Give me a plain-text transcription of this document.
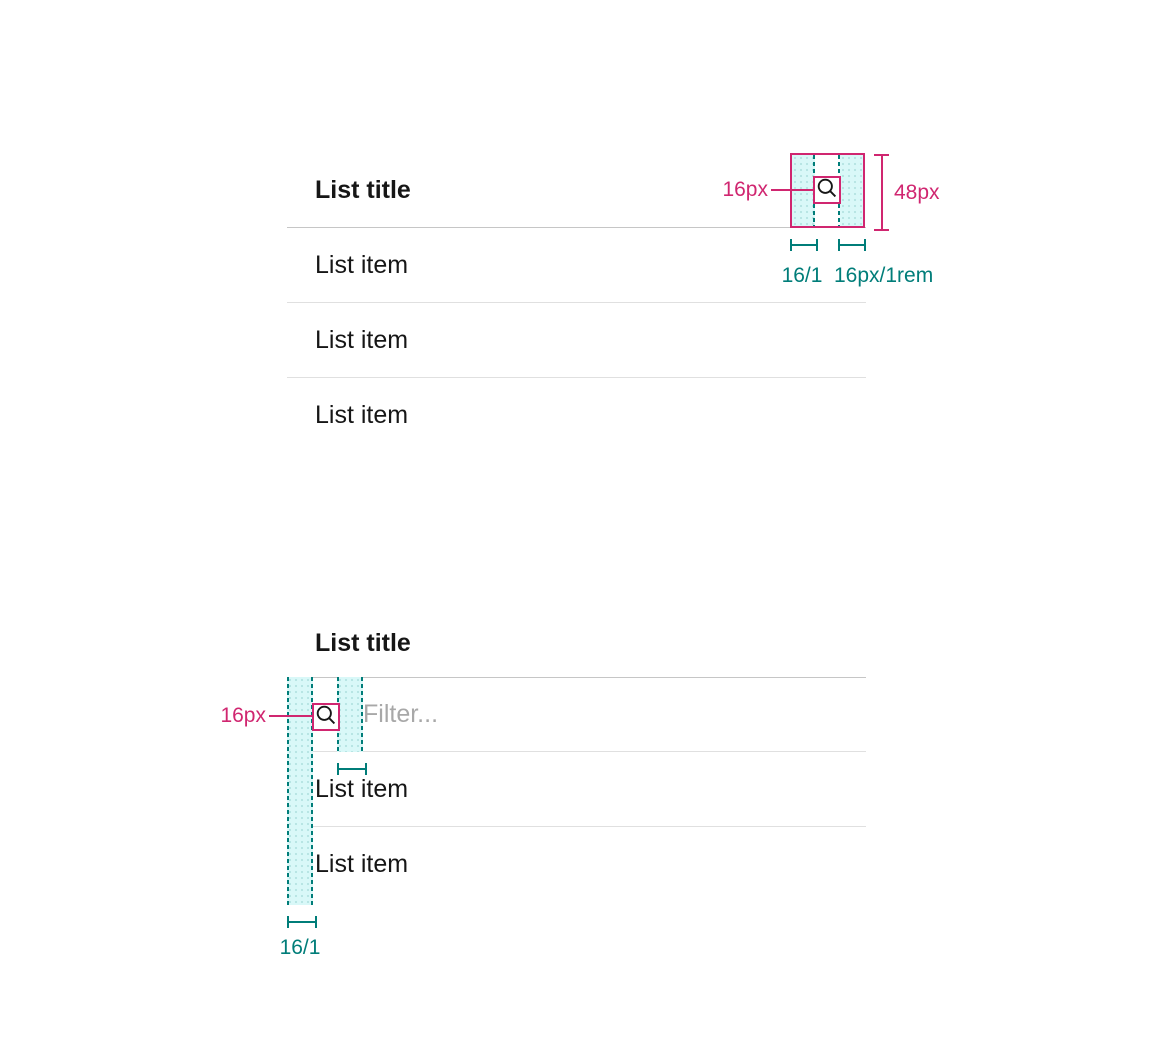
List title
List item
List item
List item
16px	48px
16/1 16px/1rem
List title
Filter...
List item
List item
16px
16/1
